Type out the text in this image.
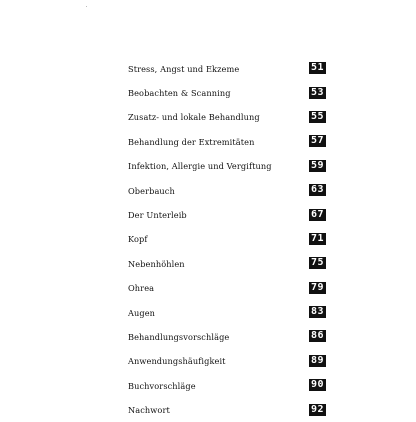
Stress, Angst und Ekzeme	51
Beobachten & Scanning	53
Zusatz- und lokale Behandlung	55
Behandlung der Extremitäten	57
Infektion, Allergie und Vergiftung	59
Oberbauch	63
Der Unterleib	67
Kopf	71
Nebenhöhlen	75
Ohrea	79
Augen	83
Behandlungsvorschläge	86
Anwendungshäufigkeit	89
Buchvorschläge	90
Nachwort	92
